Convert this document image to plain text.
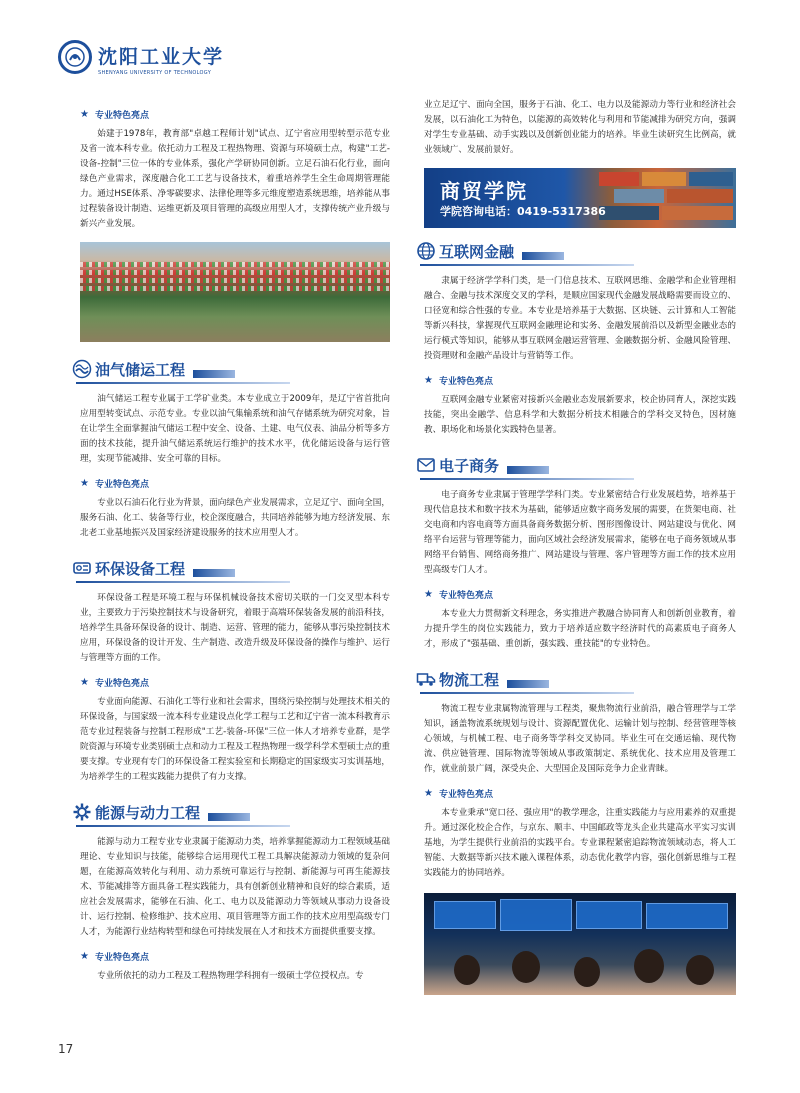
沈阳工业大学
SHENYANG UNIVERSITY OF TECHNOLOGY
★ 专业特色亮点

始建于1978年，教育部"卓越工程师计划"试点、辽宁省应用型转型示范专业及省一流本科专业。依托动力工程及工程热物理、资源与环境硕士点，构建"工艺-设备-控制"三位一体的专业体系，强化产学研协同创新。立足石油石化行业，面向绿色产业需求，深度融合化工工艺与设备技术，着重培养学生全生命周期管理能力。通过HSE体系、净零碳要求、法律伦理等多元维度塑造系统思维，培养能从事过程装备设计制造、运维更新及项目管理的高级应用型人才，支撑传统产业升级与新兴产业发展。

油气储运工程

油气储运工程专业属于工学矿业类。本专业成立于2009年，是辽宁省首批向应用型转变试点、示范专业。专业以油气集输系统和油气存储系统为研究对象，旨在让学生全面掌握油气储运工程中安全、设备、土建、电气仪表、油品分析等多方面的技术技能，提升油气储运系统运行维护的技术水平，优化储运设备与运行管理，实现节能减排、安全可靠的目标。

★ 专业特色亮点

专业以石油石化行业为背景，面向绿色产业发展需求，立足辽宁、面向全国，服务石油、化工、装备等行业，校企深度融合，共同培养能够为地方经济发展、东北老工业基地振兴及国家经济建设服务的技术应用型人才。

环保设备工程

环保设备工程是环境工程与环保机械设备技术密切关联的一门交叉型本科专业，主要致力于污染控制技术与设备研究，着眼于高端环保装备发展的前沿科技，培养学生具备环保设备的设计、制造、运营、管理的能力，能够从事污染控制技术应用，环保设备的设计开发、生产制造、改造升级及环保设备的操作与维护、运行与管理等方面的工作。

★ 专业特色亮点

专业面向能源、石油化工等行业和社会需求，围绕污染控制与处理技术相关的环保设备，与国家级一流本科专业建设点化学工程与工艺和辽宁省一流本科教育示范专业过程装备与控制工程形成"工艺-装备-环保"三位一体人才培养专业群，是学院资源与环境专业类别硕士点和动力工程及工程热物理一级学科学术型硕士点的重要支撑。专业现有专门的环保设备工程实验室和长期稳定的国家级实习实训基地，为培养学生的工程实践能力提供了有力支撑。

能源与动力工程

能源与动力工程专业专业隶属于能源动力类，培养掌握能源动力工程领域基础理论、专业知识与技能，能够综合运用现代工程工具解决能源动力领域的复杂问题，在能源高效转化与利用、动力系统可靠运行与控制、新能源与可再生能源技术、节能减排等方面具备工程实践能力，具有创新创业精神和良好的综合素质，适应社会发展需求，能够在石油、化工、电力以及能源动力等领域从事动力设备设计、运行控制、检修维护、技术应用、项目管理等方面工作的技术应用型高级专门人才，为能源行业结构转型和绿色可持续发展在人才和技术方面提供重要支撑。

★ 专业特色亮点

专业所依托的动力工程及工程热物理学科拥有一级硕士学位授权点。专

业立足辽宁、面向全国，服务于石油、化工、电力以及能源动力等行业和经济社会发展，以石油化工为特色，以能源的高效转化与利用和节能减排为研究方向，强调对学生专业基础、动手实践以及创新创业能力的培养。毕业生读研究生比例高，就业领域广、发展前景好。

商贸学院
学院咨询电话：0419-5317386
互联网金融

隶属于经济学学科门类，是一门信息技术、互联网思维、金融学和企业管理相融合、金融与技术深度交叉的学科，是顺应国家现代金融发展战略需要而设立的、口径宽和综合性强的专业。本专业是培养基于大数据、区块链、云计算和人工智能等新兴科技，掌握现代互联网金融理论和实务、金融发展前沿以及新型金融业态的运行模式等知识，能够从事互联网金融运营管理、金融数据分析、金融风险管理、投资理财和金融产品设计与营销等工作。

★ 专业特色亮点

互联网金融专业紧密对接新兴金融业态发展新要求，校企协同育人，深挖实践技能，突出金融学、信息科学和大数据分析技术相融合的学科交叉特色，因材施教、职场化和场景化实践特色显著。

电子商务

电子商务专业隶属于管理学学科门类。专业紧密结合行业发展趋势，培养基于现代信息技术和数字技术为基础，能够适应数字商务发展的需要，在货架电商、社交电商和内容电商等方面具备商务数据分析、图形图像设计、网站建设与优化、网络平台运营与管理等能力，面向区域社会经济发展需求，能够在电子商务领域从事网络平台销售、网络商务推广、网站建设与管理、客户管理等方面工作的技术应用型高级专门人才。

★ 专业特色亮点

本专业大力贯彻新文科理念，务实推进产教融合协同育人和创新创业教育，着力提升学生的岗位实践能力，致力于培养适应数字经济时代的高素质电子商务人才，形成了"强基础、重创新，强实践、重技能"的专业特色。

物流工程

物流工程专业隶属物流管理与工程类，聚焦物流行业前沿，融合管理学与工学知识，涵盖物流系统规划与设计、资源配置优化、运输计划与控制、经营管理等核心领域，与机械工程、电子商务等学科交叉协同。毕业生可在交通运输、现代物流、供应链管理、国际物流等领域从事政策制定、系统优化、技术应用及管理工作，就业前景广阔，深受央企、大型国企及国际竞争力企业青睐。

★ 专业特色亮点

本专业秉承"宽口径、强应用"的教学理念，注重实践能力与应用素养的双重提升。通过深化校企合作，与京东、顺丰、中国邮政等龙头企业共建高水平实习实训基地，为学生提供行业前沿的实践平台。专业课程紧密追踪物流领域动态，将人工智能、大数据等新兴技术融入课程体系，动态优化教学内容，强化创新思维与工程实践能力的协同培养。

17
